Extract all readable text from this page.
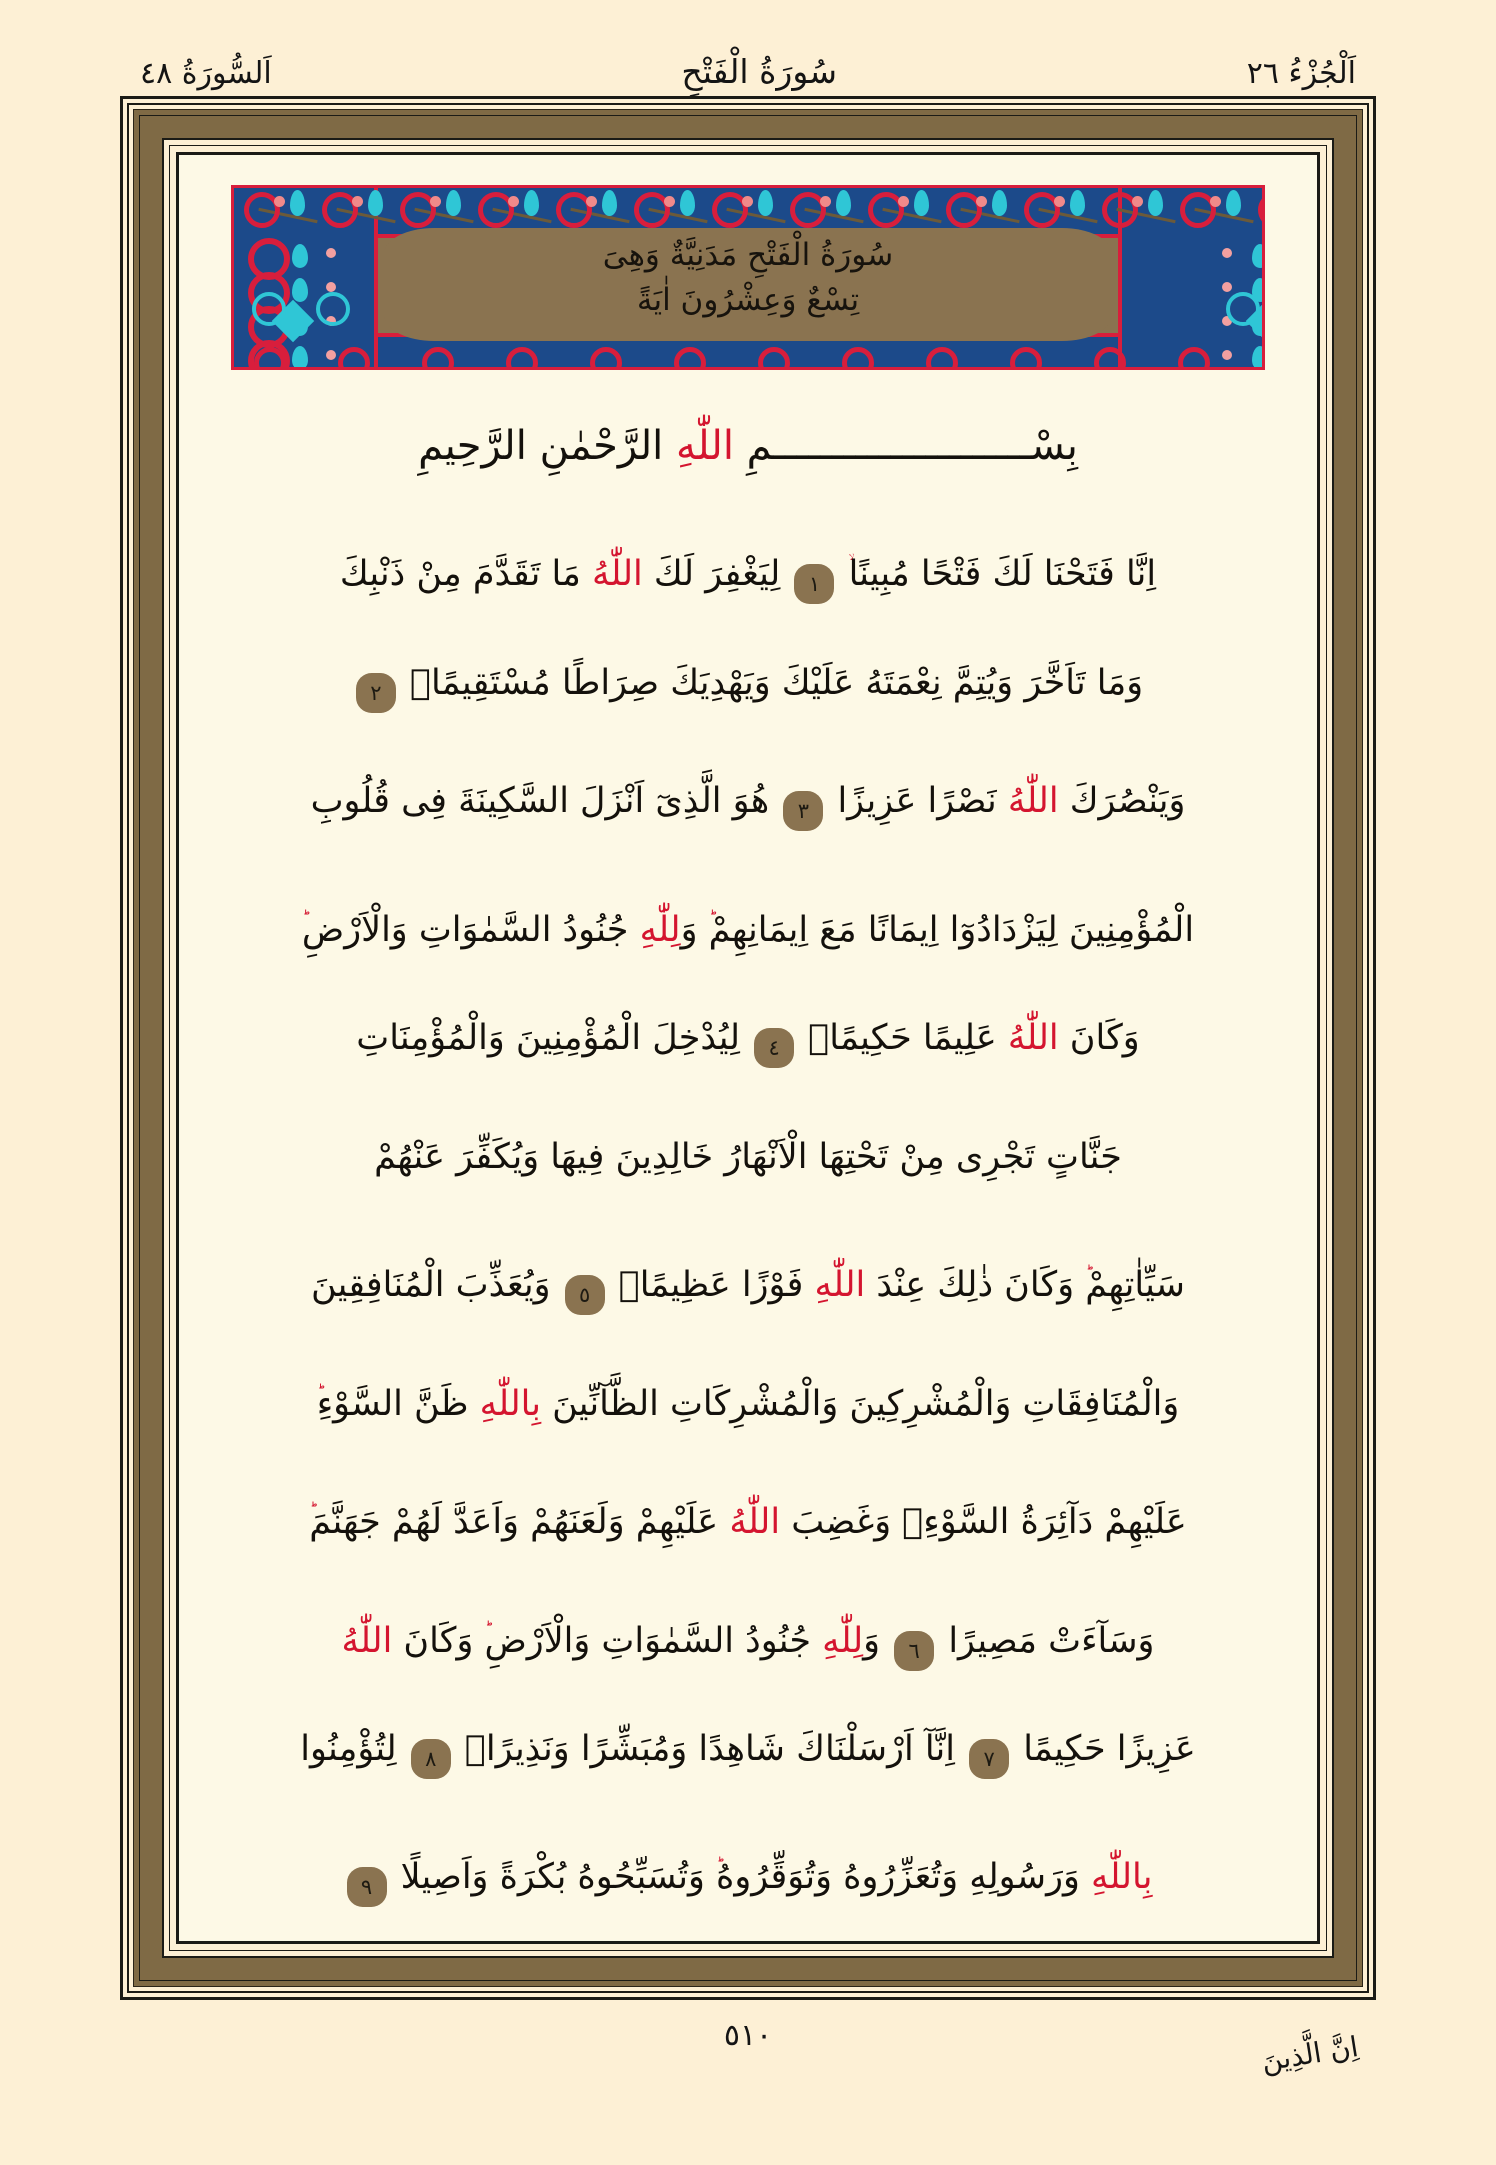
اَلْجُزْءُ ٢٦
سُورَةُ الْفَتْحِ
اَلسُّورَةُ ٤٨
سُورَةُ الْفَتْحِ مَدَنِيَّةٌ وَهِىَ
تِسْعٌ وَعِشْرُونَ اٰيَةً
بِسْــــــــــــــــــــــمِ اللّٰهِ الرَّحْمٰنِ الرَّحِيمِ
اِنَّا فَتَحْنَا لَكَ فَتْحًا مُبِينًا ١ لِيَغْفِرَ لَكَ اللّٰهُ مَا تَقَدَّمَ مِنْ ذَنْبِكَ
وَمَا تَاَخَّرَ وَيُتِمَّ نِعْمَتَهُ عَلَيْكَ وَيَهْدِيَكَ صِرَاطًا مُسْتَقِيمًاۙ ٢
وَيَنْصُرَكَ اللّٰهُ نَصْرًا عَزِيزًا ٣ هُوَ الَّذِىٓ اَنْزَلَ السَّكِينَةَ فِى قُلُوبِ
الْمُؤْمِنِينَ لِيَزْدَادُوٓا اِيمَانًا مَعَ اِيمَانِهِمْ وَلِلّٰهِ جُنُودُ السَّمٰوَاتِ وَالْاَرْضِ
وَكَانَ اللّٰهُ عَلِيمًا حَكِيمًاۙ ٤ لِيُدْخِلَ الْمُؤْمِنِينَ وَالْمُؤْمِنَاتِ
جَنَّاتٍ تَجْرِى مِنْ تَحْتِهَا الْاَنْهَارُ خَالِدِينَ فِيهَا وَيُكَفِّرَ عَنْهُمْ
سَيِّاٰتِهِمْ وَكَانَ ذٰلِكَ عِنْدَ اللّٰهِ فَوْزًا عَظِيمًاۙ ٥ وَيُعَذِّبَ الْمُنَافِقِينَ
وَالْمُنَافِقَاتِ وَالْمُشْرِكِينَ وَالْمُشْرِكَاتِ الظَّآنِّينَ بِاللّٰهِ ظَنَّ السَّوْءِ
عَلَيْهِمْ دَآئِرَةُ السَّوْءِۚ وَغَضِبَ اللّٰهُ عَلَيْهِمْ وَلَعَنَهُمْ وَاَعَدَّ لَهُمْ جَهَنَّمَ
وَسَآءَتْ مَصِيرًا ٦ وَلِلّٰهِ جُنُودُ السَّمٰوَاتِ وَالْاَرْضِ وَكَانَ اللّٰهُ
عَزِيزًا حَكِيمًا ٧ اِنَّآ اَرْسَلْنَاكَ شَاهِدًا وَمُبَشِّرًا وَنَذِيرًاۙ ٨ لِتُؤْمِنُوا
بِاللّٰهِ وَرَسُولِهِ وَتُعَزِّرُوهُ وَتُوَقِّرُوهُ وَتُسَبِّحُوهُ بُكْرَةً وَاَصِيلًا ٩
٥١٠	اِنَّ الَّذِينَ
